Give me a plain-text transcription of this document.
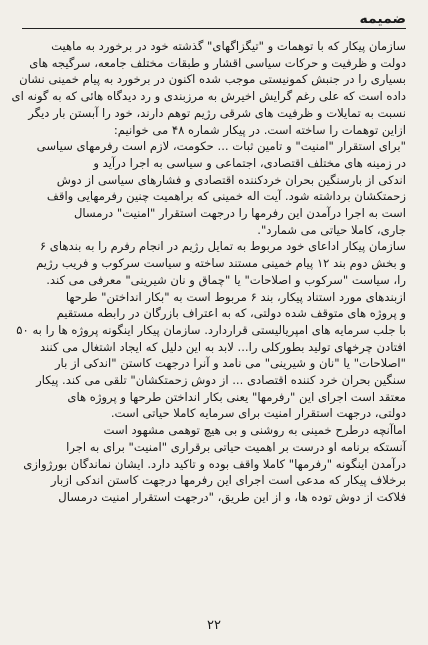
ضمیمه

سازمان پیکار که با توهمات و "تیگزاگهای" گذشته خود در برخورد به ماهیت
دولت و ظرفیت و حرکات سیاسی اقشار و طبقات مختلف جامعه، سرگیجه های
بسیاری را در جنبش کمونیستی موجب شده اکنون در برخورد به پیام خمینی نشان
داده است که علی رغم گرایش اخیرش به مرزبندی و رد دیدگاه هائی که به گونه ای
نسبت به تمایلات و ظرفیت های شرقی رژیم توهم دارند، خود را آبستن بار دیگر
ازاین توهمات را ساخته است. در پیکار شماره ۴۸ می خوانیم:
"برای استقرار "امنیت" و تامین ثبات ... حکومت، لازم است رفرمهای سیاسی
در زمینه های مختلف اقتصادی، اجتماعی و سیاسی به اجرا درآید و
اندکی از بارسنگین بحران خردکننده اقتصادی و فشارهای سیاسی از دوش
زحمتکشان برداشته شود. آیت اله خمینی که براهمیت چنین رفرمهایی واقف
است به اجرا درآمدن این رفرمها را درجهت استقرار "امنیت" درمسال
جاری، کاملا حیاتی می شمارد".

سازمان پیکار اداعای خود مربوط به تمایل رژیم در انجام رفرم را به بندهای ۶
و بخش دوم بند ۱۲ پیام خمینی مستند ساخته و سیاست سرکوب و فریب رژیم
را، سیاست "سرکوب و اصلاحات" یا "چماق و نان شیرینی" معرفی می کند.

ازبندهای مورد استناد پیکار، بند ۶ مربوط است به "بکار انداختن" طرحها
و پروژه های متوقف شده دولتی، که به اعتراف بازرگان در رابطه مستقیم
با جلب سرمایه های امپریالیستی قراردارد. سازمان پیکار اینگونه پروژه ها را به ۵۰
افتادن چرخهای تولید بطورکلی را... لابد به این دلیل که ایجاد اشتغال می کنند
"اصلاحات" یا "نان و شیرینی" می نامد و آنرا درجهت کاستن "اندکی از بار
سنگین بحران خرد کننده اقتصادی ... از دوش زحمتکشان" تلقی می کند. پیکار
معتقد است اجرای این "رفرمها" یعنی بکار انداختن طرحها و پروژه های
دولتی، درجهت استقرار امنیت برای سرمایه کاملا حیاتی است.

اماآنچه درطرح خمینی به روشنی و بی هیچ توهمی مشهود است
آنستکه برنامه او درست بر اهمیت حیاتی برقراری "امنیت" برای به اجرا
درآمدن اینگونه "رفرمها" کاملا واقف بوده و تاکید دارد. ایشان نماندگان بورژوازی
برخلاف پیکار که مدعی است اجرای این رفرمها درجهت کاستن اندکی ازبار
فلاکت از دوش توده ها، و از این طریق، "درجهت استقرار امنیت درمسال

۲۲
